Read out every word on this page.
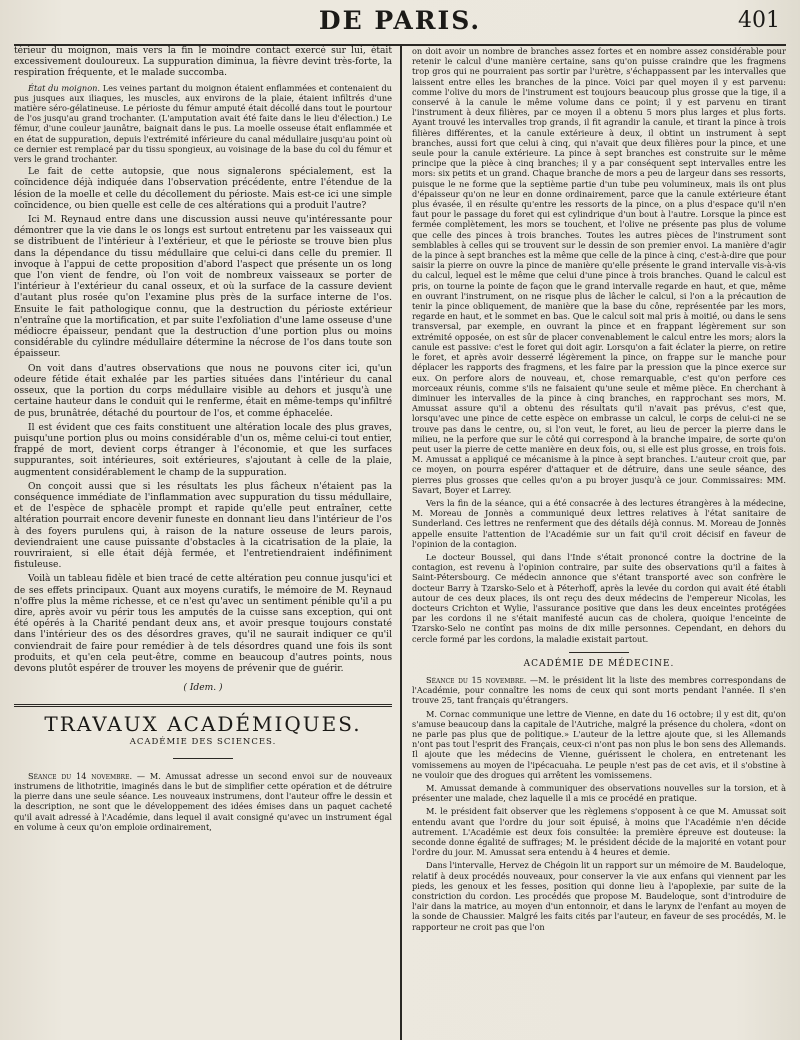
DE PARIS.	401

térieur du moignon, mais vers la fin le moindre contact exercé sur lui, était excessivement douloureux. La suppuration diminua, la fièvre devint très-forte, la respiration fréquente, et le malade succomba.

État du moignon. Les veines partant du moignon étaient enflammées et contenaient du pus jusques aux iliaques, les muscles, aux environs de la plaie, étaient infiltrés d'une matière séro-gélatineuse. Le périoste du fémur amputé était décollé dans tout le pourtour de l'os jusqu'au grand trochanter. (L'amputation avait été faite dans le lieu d'élection.) Le fémur, d'une couleur jaunâtre, baignait dans le pus. La moelle osseuse était enflammée et en état de suppuration, depuis l'extrémité inférieure du canal médullaire jusqu'au point où ce dernier est remplacé par du tissu spongieux, au voisinage de la base du col du fémur et vers le grand trochanter.

Le fait de cette autopsie, que nous signalerons spécialement, est la coïncidence déjà indiquée dans l'observation précédente, entre l'étendue de la lésion de la moelle et celle du décollement du périoste. Mais est-ce ici une simple coïncidence, ou bien quelle est celle de ces altérations qui a produit l'autre?

Ici M. Reynaud entre dans une discussion aussi neuve qu'intéressante pour démontrer que la vie dans le os longs est surtout entretenu par les vaisseaux qui se distribuent de l'intérieur à l'extérieur, et que le périoste se trouve bien plus dans la dépendance du tissu médullaire que celui-ci dans celle du premier. Il invoque à l'appui de cette proposition d'abord l'aspect que présente un os long que l'on vient de fendre, où l'on voit de nombreux vaisseaux se porter de l'intérieur à l'extérieur du canal osseux, et où la surface de la cassure devient d'autant plus rosée qu'on l'examine plus près de la surface interne de l'os. Ensuite le fait pathologique connu, que la destruction du périoste extérieur n'entraîne que la mortification, et par suite l'exfoliation d'une lame osseuse d'une médiocre épaisseur, pendant que la destruction d'une portion plus ou moins considérable du cylindre médullaire détermine la nécrose de l'os dans toute son épaisseur.

On voit dans d'autres observations que nous ne pouvons citer ici, qu'un odeure fétide était exhalée par les parties situées dans l'intérieur du canal osseux, que la portion du corps médullaire visible au dehors et jusqu'à une certaine hauteur dans le conduit qui le renferme, était en même-temps qu'infiltré de pus, brunâtrée, détaché du pourtour de l'os, et comme éphacelée.

Il est évident que ces faits constituent une altération locale des plus graves, puisqu'une portion plus ou moins considérable d'un os, même celui-ci tout entier, frappé de mort, devient corps étranger à l'économie, et que les surfaces suppurantes, soit intérieures, soit extérieures, s'ajoutant à celle de la plaie, augmentent considérablement le champ de la suppuration.

On conçoit aussi que si les résultats les plus fâcheux n'étaient pas la conséquence immédiate de l'inflammation avec suppuration du tissu médullaire, et de l'espèce de sphacèle prompt et rapide qu'elle peut entraîner, cette altération pourrait encore devenir funeste en donnant lieu dans l'intérieur de l'os à des foyers purulens qui, à raison de la nature osseuse de leurs parois, deviendraient une cause puissante d'obstacles à la cicatrisation de la plaie, la rouvriraient, si elle était déjà fermée, et l'entretiendraient indéfiniment fistuleuse.

Voilà un tableau fidèle et bien tracé de cette altération peu connue jusqu'ici et de ses effets principaux. Quant aux moyens curatifs, le mémoire de M. Reynaud n'offre plus la même richesse, et ce n'est qu'avec un sentiment pénible qu'il a pu dire, après avoir vu périr tous les amputés de la cuisse sans exception, qui ont été opérés à la Charité pendant deux ans, et avoir presque toujours constaté dans l'intérieur des os des désordres graves, qu'il ne saurait indiquer ce qu'il conviendrait de faire pour remédier à de tels désordres quand une fois ils sont produits, et qu'en cela peut-être, comme en beaucoup d'autres points, nous devons plutôt espérer de trouver les moyens de prévenir que de guérir.

( Idem. )

TRAVAUX ACADÉMIQUES.

ACADÉMIE DES SCIENCES.

Séance du 14 novembre. — M. Amussat adresse un second envoi sur de nouveaux instrumens de lithotritie, imaginés dans le but de simplifier cette opération et de détruire la pierre dans une seule séance. Les nouveaux instrumens, dont l'auteur offre le dessin et la description, ne sont que le développement des idées émises dans un paquet cacheté qu'il avait adressé à l'Académie, dans lequel il avait consigné qu'avec un instrument égal en volume à ceux qu'on emploie ordinairement,

on doit avoir un nombre de branches assez fortes et en nombre assez considérable pour retenir le calcul d'une manière certaine, sans qu'on puisse craindre que les fragmens trop gros qui ne pourraient pas sortir par l'urètre, s'échappassent par les intervalles que laissent entre elles les branches de la pince. Voici par quel moyen il y est parvenu: comme l'olive du mors de l'instrument est toujours beaucoup plus grosse que la tige, il a conservé à la canule le même volume dans ce point; il y est parvenu en tirant l'instrument à deux filières, par ce moyen il a obtenu 5 mors plus larges et plus forts. Ayant trouvé les intervalles trop grands, il fit agrandir la canule, et tirant la pince à trois filières différentes, et la canule extérieure à deux, il obtint un instrument à sept branches, aussi fort que celui à cinq, qui n'avait que deux filières pour la pince, et une seule pour la canule extérieure. La pince à sept branches est construite sur le même principe que la pièce à cinq branches; il y a par conséquent sept intervalles entre les mors: six petits et un grand. Chaque branche de mors a peu de largeur dans ses ressorts, puisque le ne forme que la septième partie d'un tube peu volumineux, mais ils ont plus d'épaisseur qu'on ne leur en donne ordinairement, parce que la canule extérieure étant plus évasée, il en résulte qu'entre les ressorts de la pince, on a plus d'espace qu'il n'en faut pour le passage du foret qui est cylindrique d'un bout à l'autre. Lorsque la pince est fermée complètement, les mors se touchent, et l'olive ne présente pas plus de volume que celle des pinces à trois branches. Toutes les autres pièces de l'instrument sont semblables à celles qui se trouvent sur le dessin de son premier envoi. La manière d'agir de la pince à sept branches est la même que celle de la pince à cinq, c'est-à-dire que pour saisir la pierre on ouvre la pince de manière qu'elle présente le grand intervalle vis-à-vis du calcul, lequel est le même que celui d'une pince à trois branches. Quand le calcul est pris, on tourne la pointe de façon que le grand intervalle regarde en haut, et que, même en ouvrant l'instrument, on ne risque plus de lâcher le calcul, si l'on a la précaution de tenir la pince obliquement, de manière que la base du cône, représentée par les mors, regarde en haut, et le sommet en bas. Que le calcul soit mal pris à moitié, ou dans le sens transversal, par exemple, en ouvrant la pince et en frappant légèrement sur son extrémité opposée, on est sûr de placer convenablement le calcul entre les mors; alors la canule est passive: c'est le foret qui doit agir. Lorsqu'on a fait éclater la pierre, on retire le foret, et après avoir desserré légèrement la pince, on frappe sur le manche pour déplacer les rapports des fragmens, et les faire par la pression que la pince exerce sur eux. On perfore alors de nouveau, et, chose remarquable, c'est qu'on perfore ces morceaux réunis, comme s'ils ne faisaient qu'une seule et même pièce. En cherchant à diminuer les intervalles de la pince à cinq branches, en rapprochant ses mors, M. Amussat assure qu'il a obtenu des résultats qu'il n'avait pas prévus, c'est que, lorsqu'avec une pince de cette espèce on embrasse un calcul, le corps de celui-ci ne se trouve pas dans le centre, ou, si l'on veut, le foret, au lieu de percer la pierre dans le milieu, ne la perfore que sur le côté qui correspond à la branche impaire, de sorte qu'on peut user la pierre de cette manière en deux fois, ou, si elle est plus grosse, en trois fois. M. Amussat a appliqué ce mécanisme à la pince à sept branches. L'auteur croit que, par ce moyen, on pourra espérer d'attaquer et de détruire, dans une seule séance, des pierres plus grosses que celles qu'on a pu broyer jusqu'à ce jour. Commissaires: MM. Savart, Boyer et Larrey.

Vers la fin de la séance, qui a été consacrée à des lectures étrangères à la médecine, M. Moreau de Jonnès a communiqué deux lettres relatives à l'état sanitaire de Sunderland. Ces lettres ne renferment que des détails déjà connus. M. Moreau de Jonnès appelle ensuite l'attention de l'Académie sur un fait qu'il croit décisif en faveur de l'opinion de la contagion.

Le docteur Boussel, qui dans l'Inde s'était prononcé contre la doctrine de la contagion, est revenu à l'opinion contraire, par suite des observations qu'il a faites à Saint-Pétersbourg. Ce médecin annonce que s'étant transporté avec son confrère le docteur Barry à Tzarsko-Selo et à Péterhoff, après la levée du cordon qui avait été établi autour de ces deux places, ils ont reçu des deux médecins de l'empereur Nicolas, les docteurs Crichton et Wylie, l'assurance positive que dans les deux enceintes protégées par les cordons il ne s'était manifesté aucun cas de cholera, quoique l'enceinte de Tzarsko-Selo ne contînt pas moins de dix mille personnes. Cependant, en dehors du cercle formé par les cordons, la maladie existait partout.

ACADÉMIE DE MÉDECINE.

Séance du 15 novembre. —M. le président lit la liste des membres correspondans de l'Académie, pour connaître les noms de ceux qui sont morts pendant l'année. Il s'en trouve 25, tant français qu'étrangers.

M. Cornac communique une lettre de Vienne, en date du 16 octobre; il y est dit, qu'on s'amuse beaucoup dans la capitale de l'Autriche, malgré la présence du cholera, «dont on ne parle pas plus que de politique.» L'auteur de la lettre ajoute que, si les Allemands n'ont pas tout l'esprit des Français, ceux-ci n'ont pas non plus le bon sens des Allemands. Il ajoute que les médecins de Vienne, guérissent le cholera, en entretenant les vomissemens au moyen de l'ipécacuaha. Le peuple n'est pas de cet avis, et il s'obstine à ne vouloir que des drogues qui arrêtent les vomissemens.

M. Amussat demande à communiquer des observations nouvelles sur la torsion, et à présenter une malade, chez laquelle il a mis ce procédé en pratique.

M. le président fait observer que les règlemens s'opposent à ce que M. Amussat soit entendu avant que l'ordre du jour soit épuisé, à moins que l'Académie n'en décide autrement. L'Académie est deux fois consultée: la première épreuve est douteuse: la seconde donne égalité de suffrages; M. le président décide de la majorité en votant pour l'ordre du jour. M. Amussat sera entendu à 4 heures et demie.

Dans l'intervalle, Hervez de Chégoin lit un rapport sur un mémoire de M. Baudeloque, relatif à deux procédés nouveaux, pour conserver la vie aux enfans qui viennent par les pieds, les genoux et les fesses, position qui donne lieu à l'apoplexie, par suite de la constriction du cordon. Les procédés que propose M. Baudeloque, sont d'introduire de l'air dans la matrice, au moyen d'un entonnoir, et dans le larynx de l'enfant au moyen de la sonde de Chaussier. Malgré les faits cités par l'auteur, en faveur de ses procédés, M. le rapporteur ne croit pas que l'on
